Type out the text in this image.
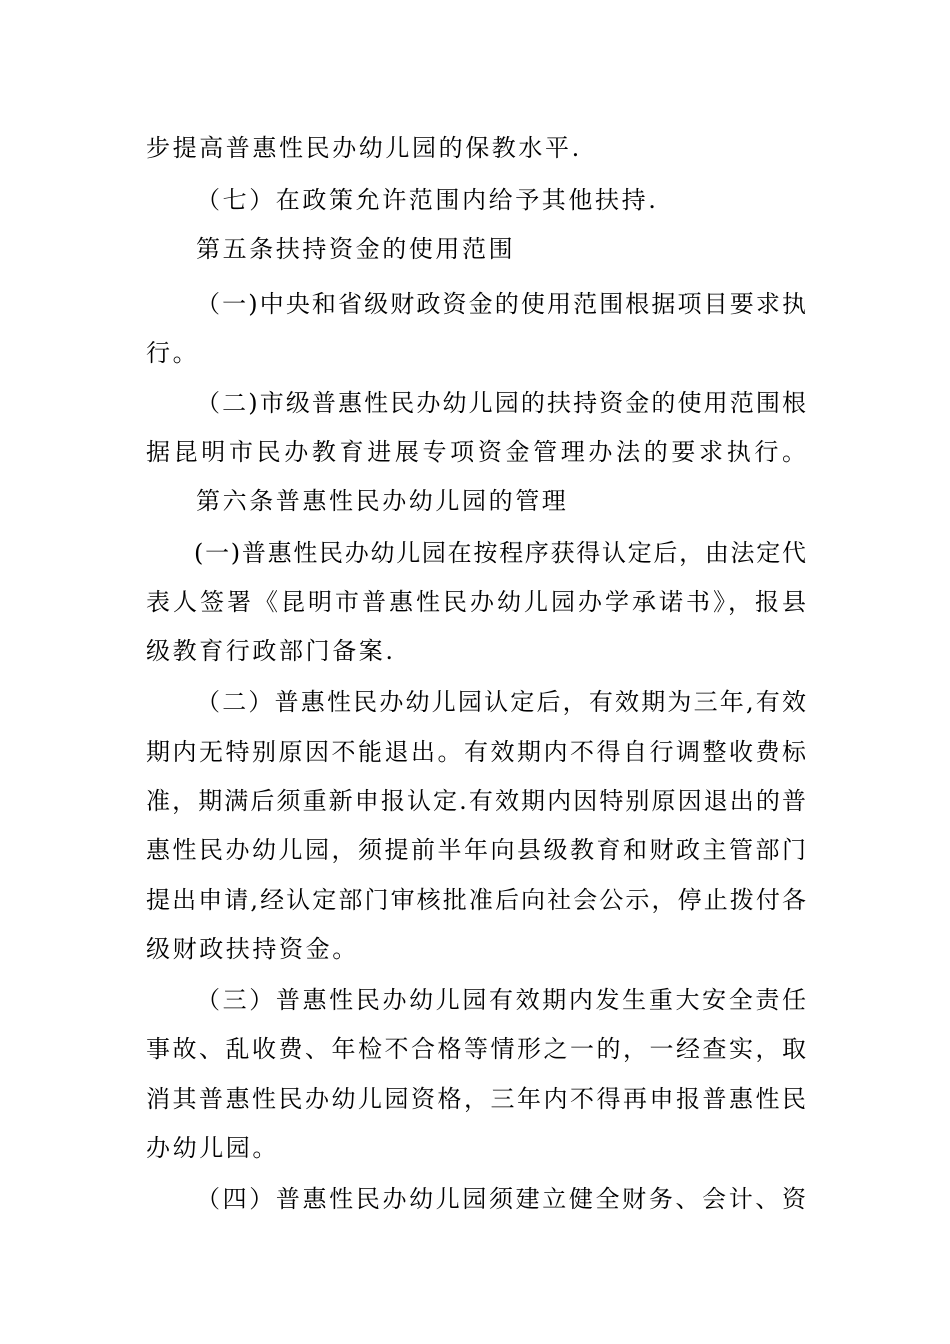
步提高普惠性民办幼儿园的保教水平.
（七）在政策允许范围内给予其他扶持.
第五条扶持资金的使用范围
（一)中央和省级财政资金的使用范围根据项目要求执
行。
（二)市级普惠性民办幼儿园的扶持资金的使用范围根
据昆明市民办教育进展专项资金管理办法的要求执行。
第六条普惠性民办幼儿园的管理
(一)普惠性民办幼儿园在按程序获得认定后，由法定代
表人签署《昆明市普惠性民办幼儿园办学承诺书》，报县
级教育行政部门备案.
（二）普惠性民办幼儿园认定后，有效期为三年,有效
期内无特别原因不能退出。有效期内不得自行调整收费标
准，期满后须重新申报认定.有效期内因特别原因退出的普
惠性民办幼儿园，须提前半年向县级教育和财政主管部门
提出申请,经认定部门审核批准后向社会公示，停止拨付各
级财政扶持资金。
（三）普惠性民办幼儿园有效期内发生重大安全责任
事故、乱收费、年检不合格等情形之一的，一经查实，取
消其普惠性民办幼儿园资格，三年内不得再申报普惠性民
办幼儿园。
（四）普惠性民办幼儿园须建立健全财务、会计、资
